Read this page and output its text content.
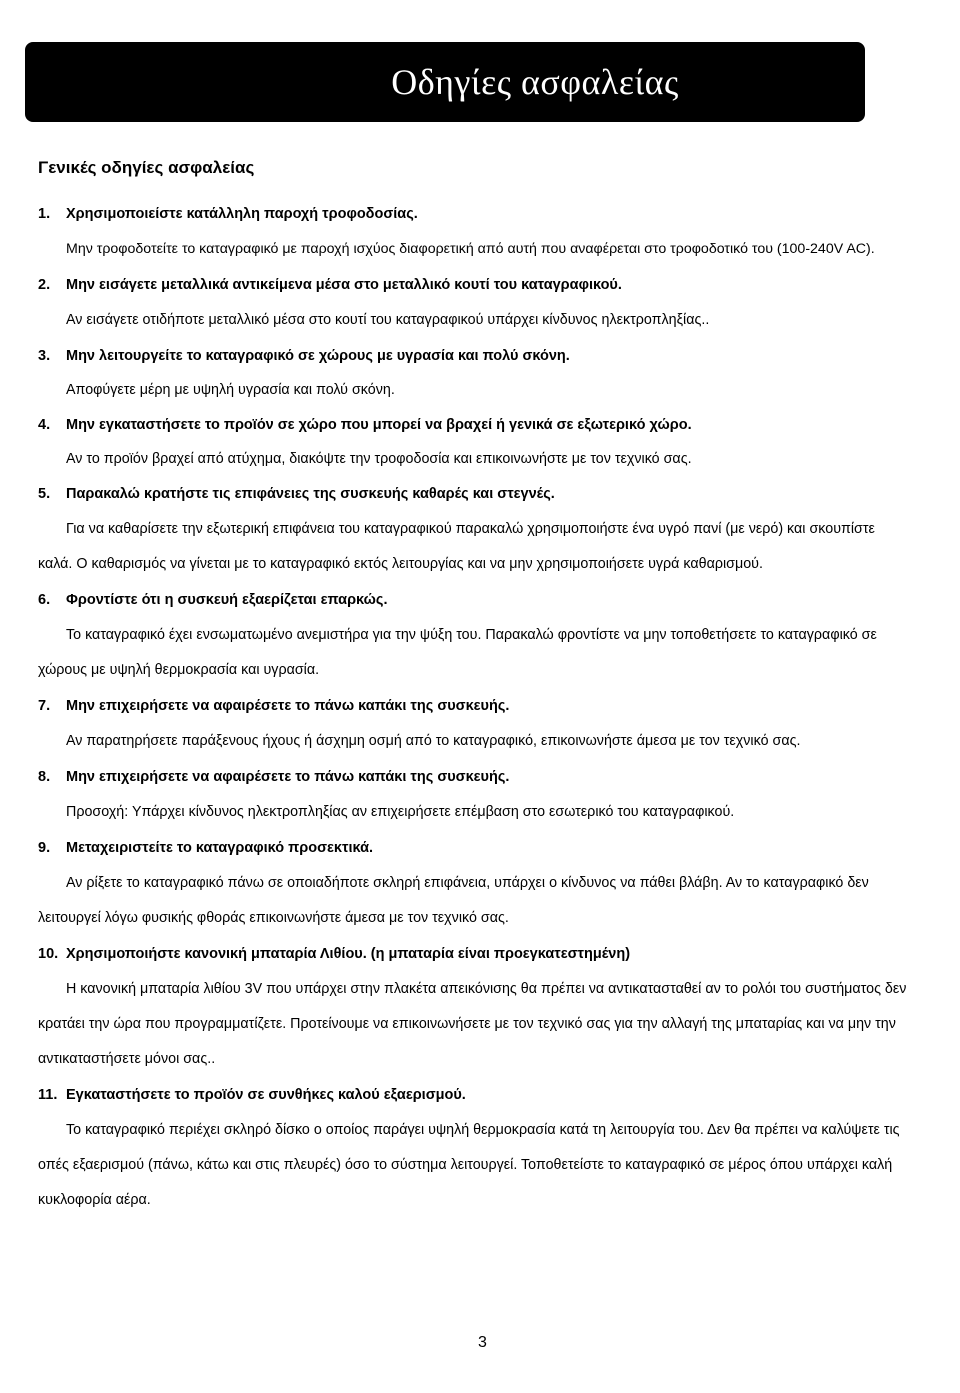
Οδηγίες ασφαλείας
Γενικές οδηγίες ασφαλείας
1.	Χρησιμοποιείστε κατάλληλη παροχή τροφοδοσίας.

Μην τροφοδοτείτε το καταγραφικό με παροχή ισχύος διαφορετική από αυτή που αναφέρεται στο τροφοδοτικό του (100-240V AC).

2.	Μην εισάγετε μεταλλικά αντικείμενα μέσα στο μεταλλικό κουτί του καταγραφικού.

Αν εισάγετε οτιδήποτε μεταλλικό μέσα στο κουτί του καταγραφικού υπάρχει κίνδυνος ηλεκτροπληξίας..

3.	Μην λειτουργείτε το καταγραφικό σε χώρους με υγρασία και πολύ σκόνη.

Αποφύγετε μέρη με υψηλή υγρασία και πολύ σκόνη.

4.	Μην εγκαταστήσετε το προϊόν σε χώρο που μπορεί να βραχεί ή γενικά σε εξωτερικό χώρο.

Αν το προϊόν βραχεί από ατύχημα, διακόψτε την τροφοδοσία και επικοινωνήστε με τον τεχνικό σας.

5.	Παρακαλώ κρατήστε τις επιφάνειες της συσκευής καθαρές και στεγνές.

Για να καθαρίσετε την εξωτερική επιφάνεια του καταγραφικού παρακαλώ χρησιμοποιήστε ένα υγρό πανί (με νερό) και σκουπίστε καλά. Ο καθαρισμός να γίνεται με το καταγραφικό εκτός λειτουργίας και να μην χρησιμοποιήσετε υγρά καθαρισμού.

6.	Φροντίστε ότι η συσκευή εξαερίζεται επαρκώς.

Το καταγραφικό έχει ενσωματωμένο ανεμιστήρα για την ψύξη του. Παρακαλώ φροντίστε να μην τοποθετήσετε το καταγραφικό σε χώρους με υψηλή θερμοκρασία και υγρασία.

7.	Μην επιχειρήσετε να αφαιρέσετε το πάνω καπάκι της συσκευής.

Αν παρατηρήσετε παράξενους ήχους ή άσχημη οσμή από το καταγραφικό, επικοινωνήστε άμεσα με τον τεχνικό σας.

8.	Μην επιχειρήσετε να αφαιρέσετε το πάνω καπάκι της συσκευής.

Προσοχή: Υπάρχει κίνδυνος ηλεκτροπληξίας αν επιχειρήσετε επέμβαση στο εσωτερικό του καταγραφικού.

9.	Μεταχειριστείτε το καταγραφικό προσεκτικά.

Αν ρίξετε το καταγραφικό πάνω σε οποιαδήποτε σκληρή επιφάνεια, υπάρχει ο κίνδυνος να πάθει βλάβη. Αν το καταγραφικό δεν λειτουργεί λόγω φυσικής φθοράς επικοινωνήστε άμεσα με τον τεχνικό σας.

10. Χρησιμοποιήστε κανονική μπαταρία Λιθίου. (η μπαταρία είναι προεγκατεστημένη)

Η κανονική μπαταρία λιθίου 3V που υπάρχει στην πλακέτα απεικόνισης θα πρέπει να αντικατασταθεί αν το ρολόι του συστήματος δεν κρατάει την ώρα που προγραμματίζετε. Προτείνουμε να επικοινωνήσετε με τον τεχνικό σας για την αλλαγή της μπαταρίας και να μην την αντικαταστήσετε μόνοι σας..

11. Εγκαταστήσετε το προϊόν σε συνθήκες καλού εξαερισμού.

Το καταγραφικό περιέχει σκληρό δίσκο ο οποίος παράγει υψηλή θερμοκρασία κατά τη λειτουργία του. Δεν θα πρέπει να καλύψετε τις οπές εξαερισμού (πάνω, κάτω και στις πλευρές) όσο το σύστημα λειτουργεί. Τοποθετείστε το καταγραφικό σε μέρος όπου υπάρχει καλή κυκλοφορία αέρα.

3
